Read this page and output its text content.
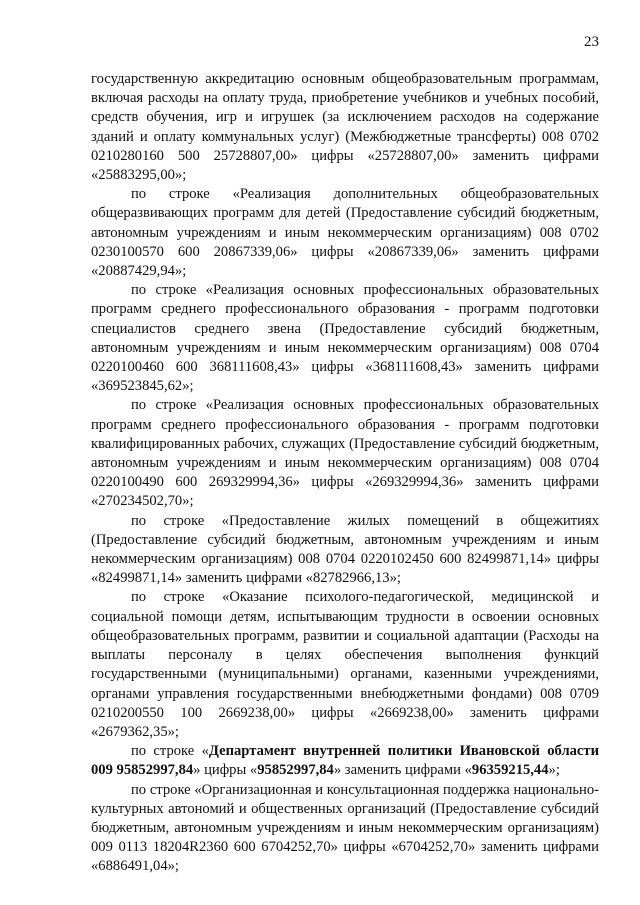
23

государственную аккредитацию основным общеобразовательным программам, включая расходы на оплату труда, приобретение учебников и учебных пособий, средств обучения, игр и игрушек (за исключением расходов на содержание зданий и оплату коммунальных услуг) (Межбюджетные трансферты) 008 0702 0210280160 500 25728807,00» цифры «25728807,00» заменить цифрами «25883295,00»;

по строке «Реализация дополнительных общеобразовательных общеразвивающих программ для детей (Предоставление субсидий бюджетным, автономным учреждениям и иным некоммерческим организациям) 008 0702 0230100570 600 20867339,06» цифры «20867339,06» заменить цифрами «20887429,94»;

по строке «Реализация основных профессиональных образовательных программ среднего профессионального образования - программ подготовки специалистов среднего звена (Предоставление субсидий бюджетным, автономным учреждениям и иным некоммерческим организациям) 008 0704 0220100460 600 368111608,43» цифры «368111608,43» заменить цифрами «369523845,62»;

по строке «Реализация основных профессиональных образовательных программ среднего профессионального образования - программ подготовки квалифицированных рабочих, служащих (Предоставление субсидий бюджетным, автономным учреждениям и иным некоммерческим организациям) 008 0704 0220100490 600 269329994,36» цифры «269329994,36» заменить цифрами «270234502,70»;

по строке «Предоставление жилых помещений в общежитиях (Предоставление субсидий бюджетным, автономным учреждениям и иным некоммерческим организациям) 008 0704 0220102450 600 82499871,14» цифры «82499871,14» заменить цифрами «82782966,13»;

по строке «Оказание психолого-педагогической, медицинской и социальной помощи детям, испытывающим трудности в освоении основных общеобразовательных программ, развитии и социальной адаптации (Расходы на выплаты персоналу в целях обеспечения выполнения функций государственными (муниципальными) органами, казенными учреждениями, органами управления государственными внебюджетными фондами) 008 0709 0210200550 100 2669238,00» цифры «2669238,00» заменить цифрами «2679362,35»;

по строке «Департамент внутренней политики Ивановской области 009 95852997,84» цифры «95852997,84» заменить цифрами «96359215,44»;

по строке «Организационная и консультационная поддержка национально-культурных автономий и общественных организаций (Предоставление субсидий бюджетным, автономным учреждениям и иным некоммерческим организациям) 009 0113 18204R2360 600 6704252,70» цифры «6704252,70» заменить цифрами «6886491,04»;
